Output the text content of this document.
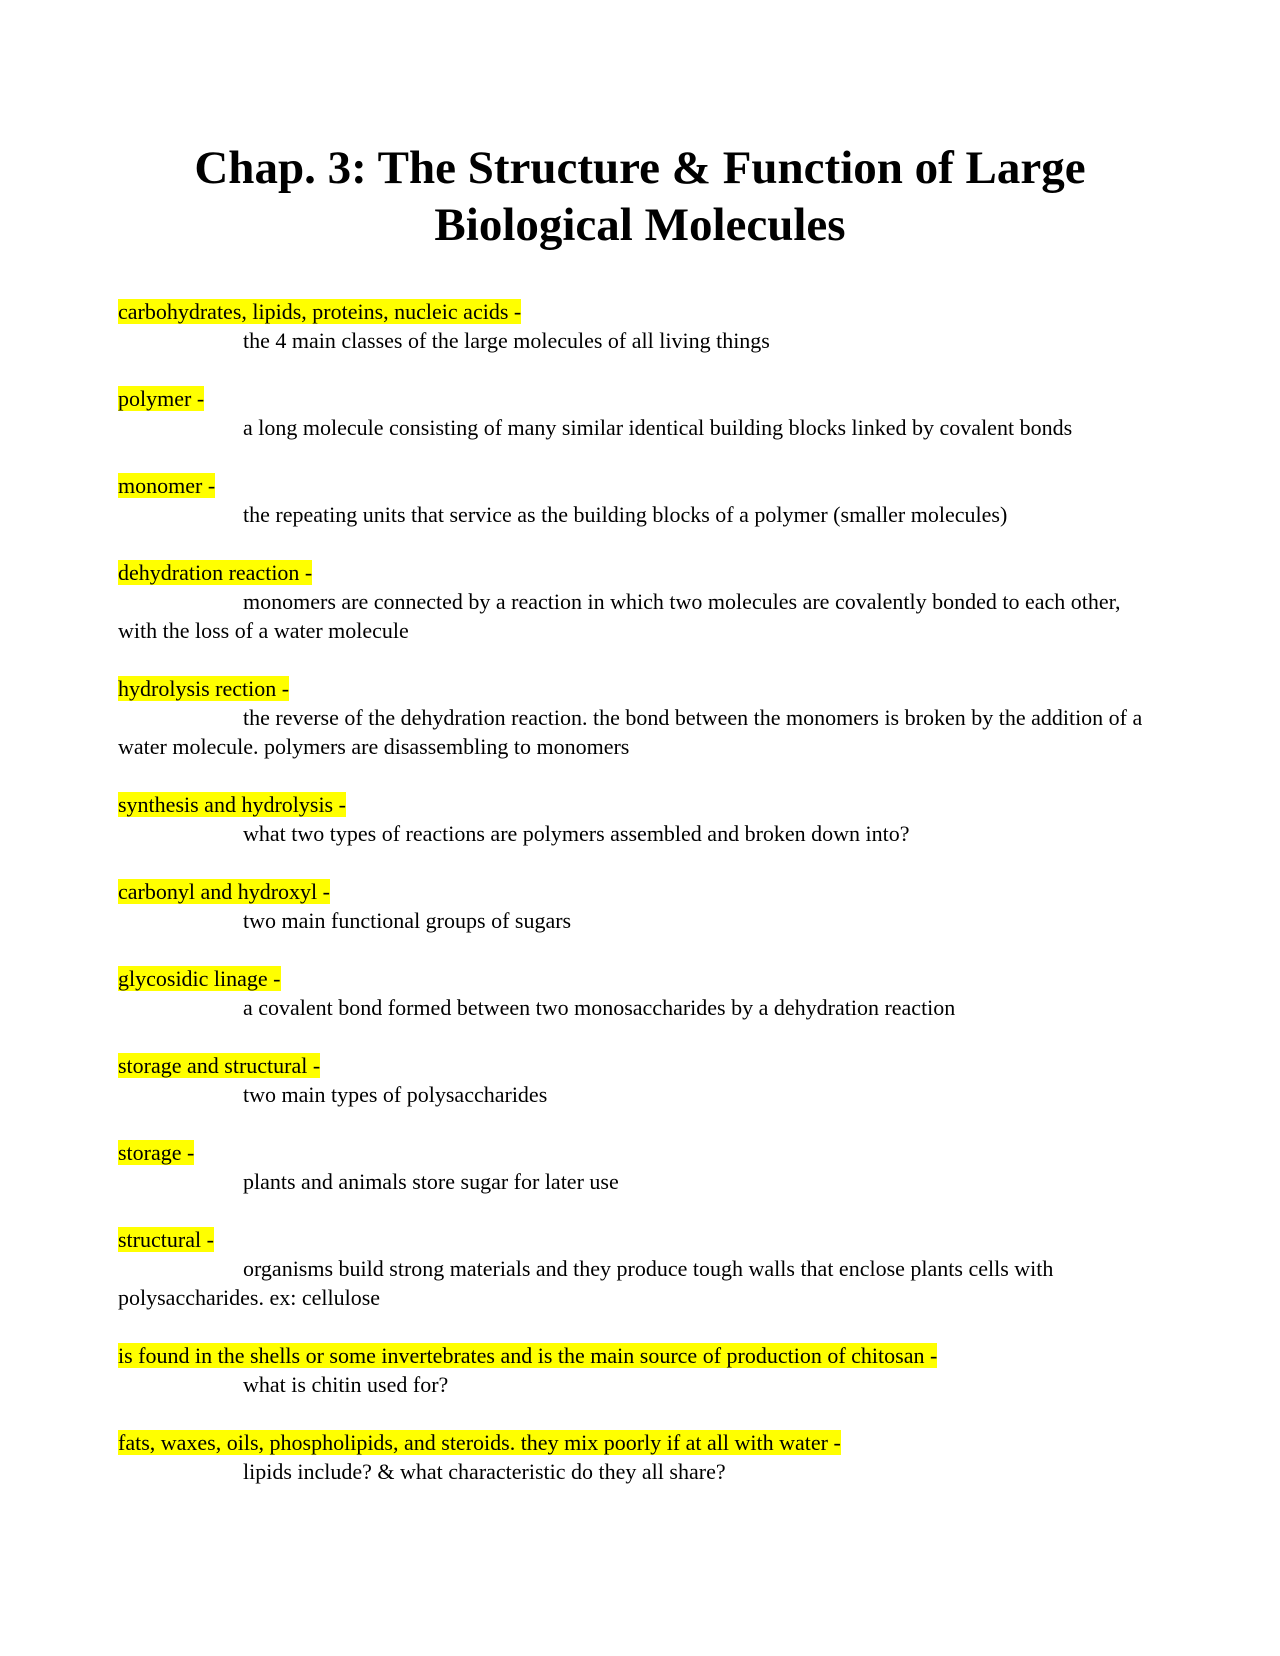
Chap. 3: The Structure & Function of Large Biological Molecules
carbohydrates, lipids, proteins, nucleic acids -

the 4 main classes of the large molecules of all living things

polymer -

a long molecule consisting of many similar identical building blocks linked by covalent bonds

monomer -

the repeating units that service as the building blocks of a polymer (smaller molecules)

dehydration reaction -

monomers are connected by a reaction in which two molecules are covalently bonded to each other, with the loss of a water molecule

hydrolysis rection -

the reverse of the dehydration reaction. the bond between the monomers is broken by the addition of a water molecule. polymers are disassembling to monomers

synthesis and hydrolysis -

what two types of reactions are polymers assembled and broken down into?

carbonyl and hydroxyl -

two main functional groups of sugars

glycosidic linage -

a covalent bond formed between two monosaccharides by a dehydration reaction

storage and structural -

two main types of polysaccharides

storage -

plants and animals store sugar for later use

structural -

organisms build strong materials and they produce tough walls that enclose plants cells with polysaccharides. ex: cellulose

is found in the shells or some invertebrates and is the main source of production of chitosan -

what is chitin used for?

fats, waxes, oils, phospholipids, and steroids. they mix poorly if at all with water -

lipids include? & what characteristic do they all share?
